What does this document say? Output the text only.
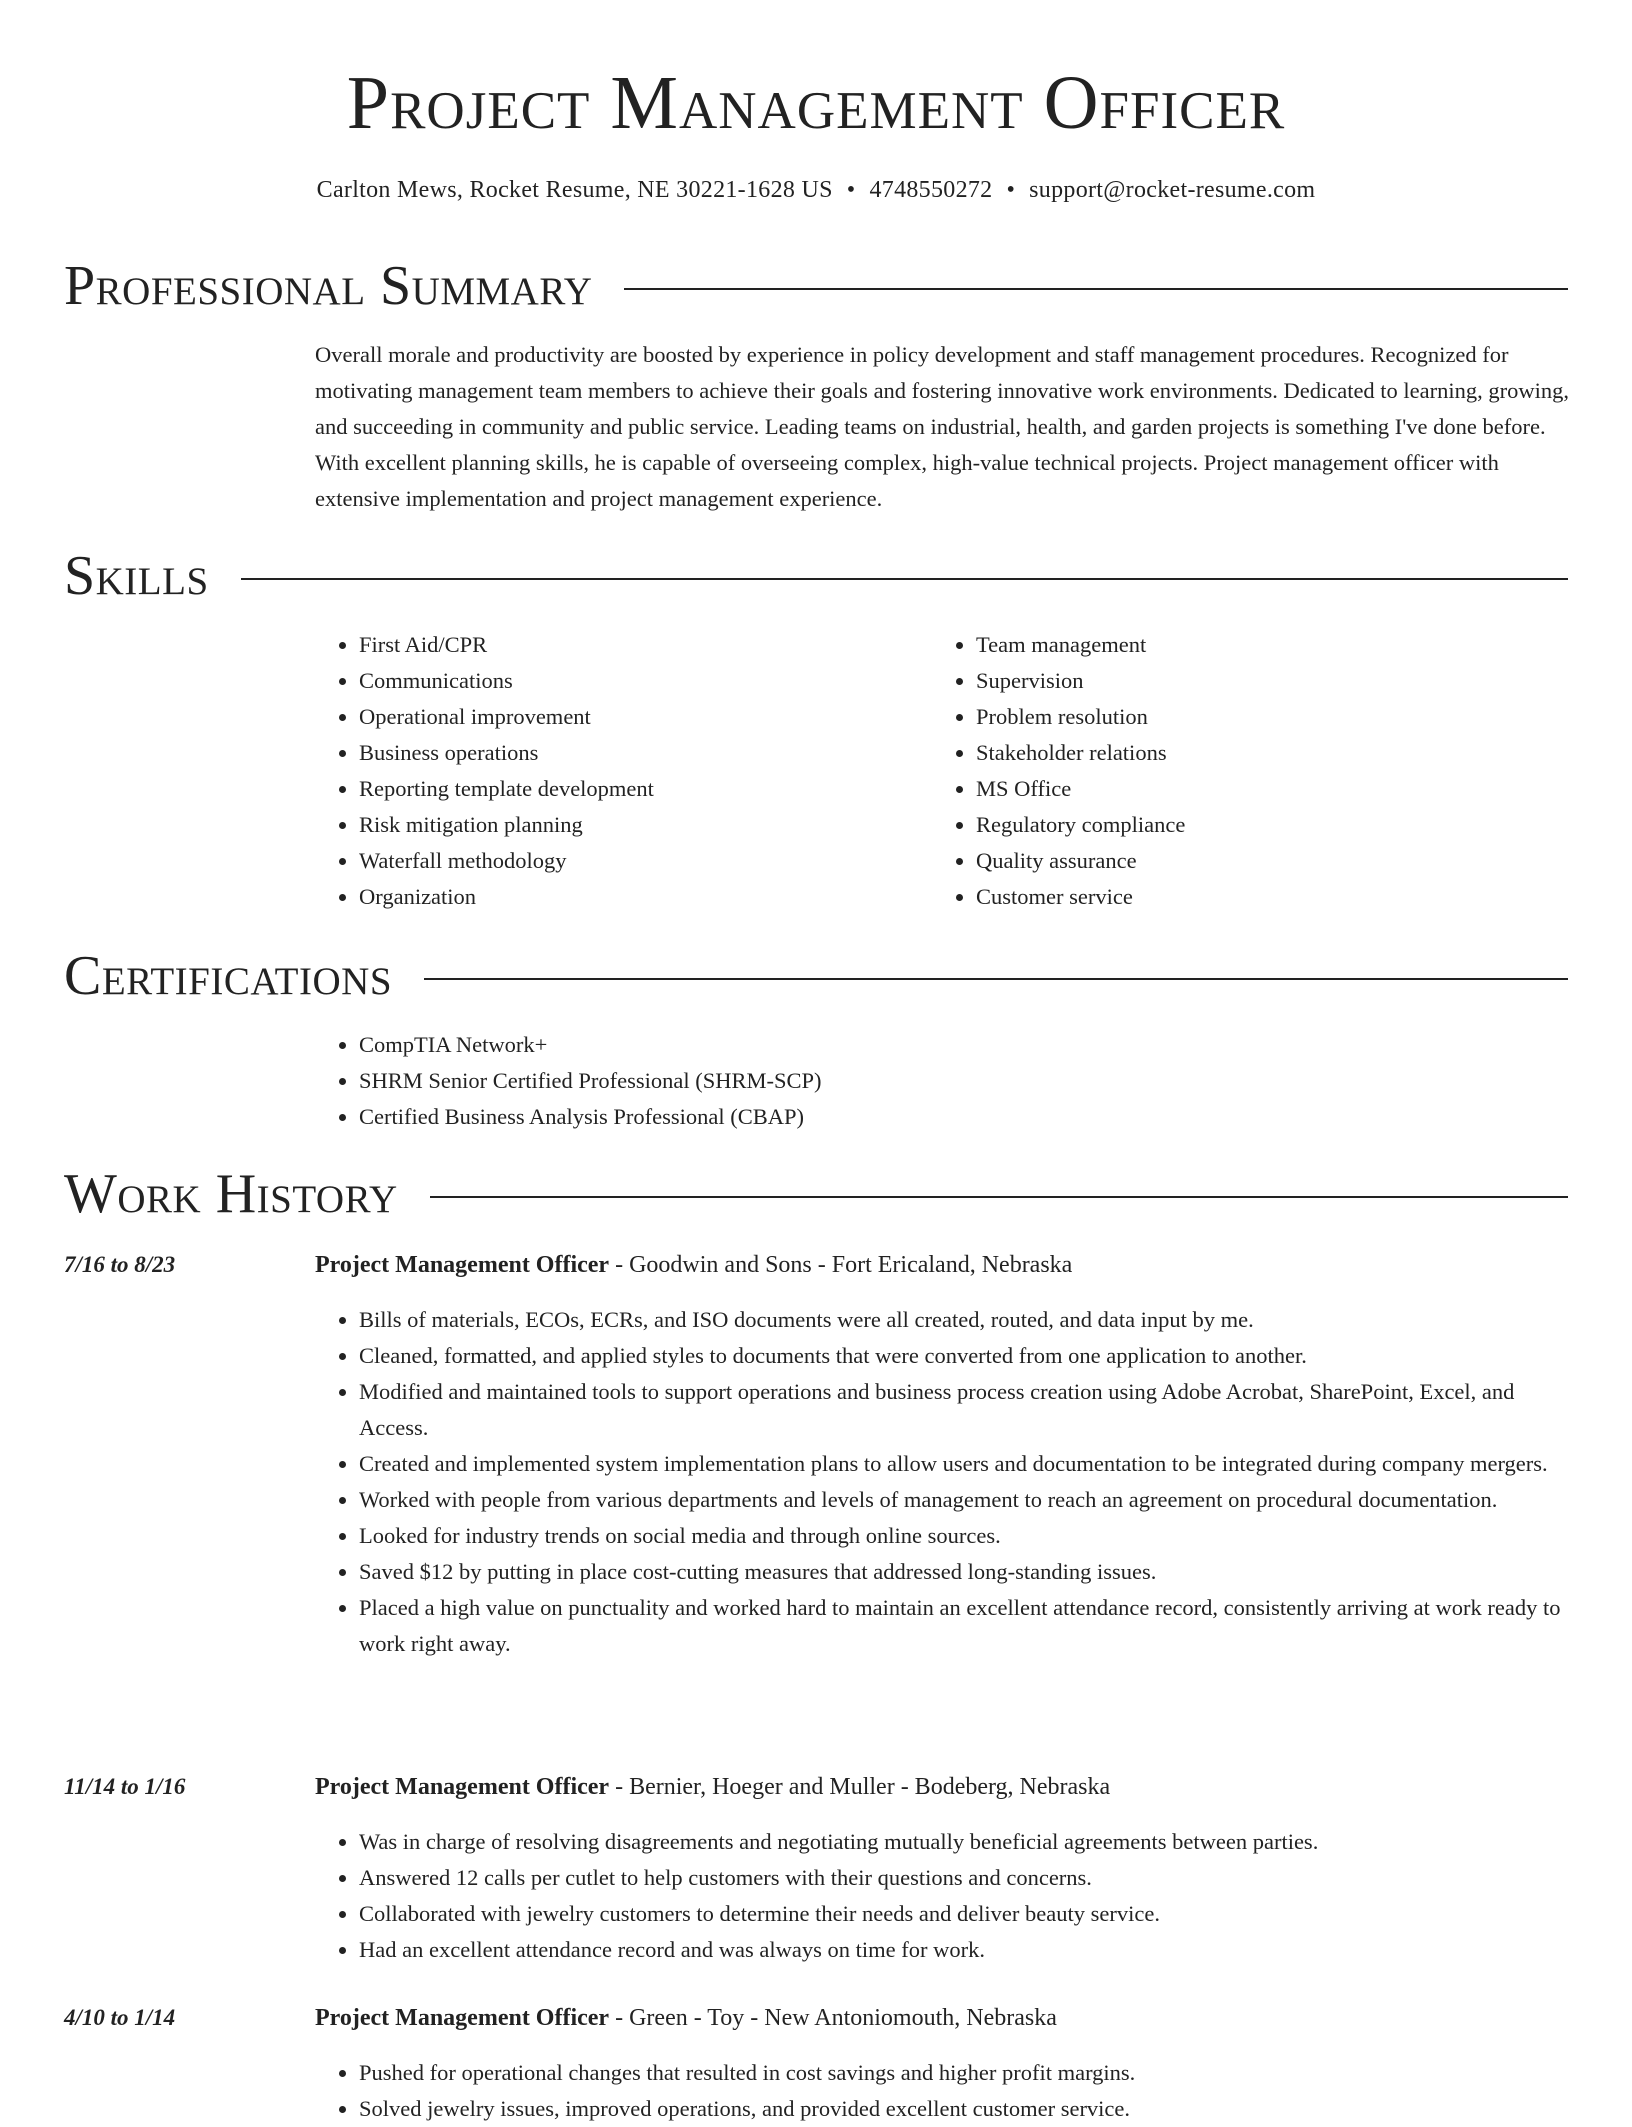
Project Management Officer
Carlton Mews, Rocket Resume, NE 30221-1628 US • 4748550272 • support@rocket-resume.com
Professional Summary
Overall morale and productivity are boosted by experience in policy development and staff management procedures. Recognized for motivating management team members to achieve their goals and fostering innovative work environments. Dedicated to learning, growing, and succeeding in community and public service. Leading teams on industrial, health, and garden projects is something I've done before. With excellent planning skills, he is capable of overseeing complex, high-value technical projects. Project management officer with extensive implementation and project management experience.
Skills
• First Aid/CPR
• Communications
• Operational improvement
• Business operations
• Reporting template development
• Risk mitigation planning
• Waterfall methodology
• Organization
• Team management
• Supervision
• Problem resolution
• Stakeholder relations
• MS Office
• Regulatory compliance
• Quality assurance
• Customer service
Certifications
• CompTIA Network+
• SHRM Senior Certified Professional (SHRM-SCP)
• Certified Business Analysis Professional (CBAP)
Work History
7/16 to 8/23	Project Management Officer - Goodwin and Sons - Fort Ericaland, Nebraska
• Bills of materials, ECOs, ECRs, and ISO documents were all created, routed, and data input by me.
• Cleaned, formatted, and applied styles to documents that were converted from one application to another.
• Modified and maintained tools to support operations and business process creation using Adobe Acrobat, SharePoint, Excel, and Access.
• Created and implemented system implementation plans to allow users and documentation to be integrated during company mergers.
• Worked with people from various departments and levels of management to reach an agreement on procedural documentation.
• Looked for industry trends on social media and through online sources.
• Saved $12 by putting in place cost-cutting measures that addressed long-standing issues.
• Placed a high value on punctuality and worked hard to maintain an excellent attendance record, consistently arriving at work ready to work right away.
11/14 to 1/16	Project Management Officer - Bernier, Hoeger and Muller - Bodeberg, Nebraska
• Was in charge of resolving disagreements and negotiating mutually beneficial agreements between parties.
• Answered 12 calls per cutlet to help customers with their questions and concerns.
• Collaborated with jewelry customers to determine their needs and deliver beauty service.
• Had an excellent attendance record and was always on time for work.
4/10 to 1/14	Project Management Officer - Green - Toy - New Antoniomouth, Nebraska
• Pushed for operational changes that resulted in cost savings and higher profit margins.
• Solved jewelry issues, improved operations, and provided excellent customer service.
